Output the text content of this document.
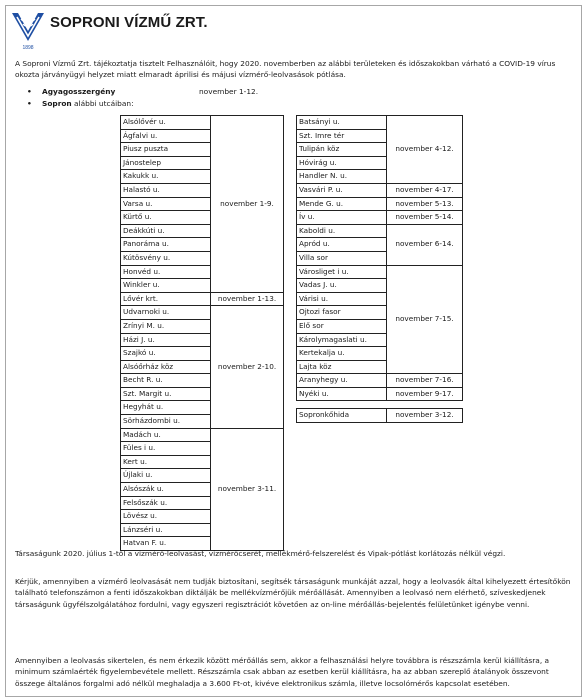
1898
SOPRONI VÍZMŰ ZRT.
A Soproni Vízmű Zrt. tájékoztatja tisztelt Felhasználóit, hogy 2020. novemberben az alábbi területeken és időszakokban várható a COVID-19 vírus okozta járványügyi helyzet miatt elmaradt áprilisi és májusi vízmérő-leolvasások pótlása.
• Agyagosszergény	november 1-12.
• Sopron alábbi utcáiban:
Alsólővér u.	november 1-9.
Ágfalvi u.	
Piusz puszta	
Jánostelep	
Kakukk u.	
Halastó u.	
Varsa u.	
Kürtő u.	
Deákkúti u.	
Panoráma u.	
Kútösvény u.	
Honvéd u.	
Winkler u.	
Lővér krt.	november 1-13.
Udvarnoki u.	november 2-10.
Zrínyi M. u.	
Házi J. u.	
Szajkó u.	
Alsóőrház köz	
Becht R. u.	
Szt. Margit u.	
Hegyhát u.	
Sörházdombi u.	
Madách u.	november 3-11.
Füles i u.	
Kert u.	
Újlaki u.	
Alsószák u.	
Felsőszák u.	
Lövész u.	
Lánzséri u.	
Hatvan F. u.	
Batsányi u.	november 4-12.
Szt. Imre tér	
Tulipán köz	
Hóvirág u.	
Handler N. u.	
Vasvári P. u.	november 4-17.
Mende G. u.	november 5-13.
Ív u.	november 5-14.
Kaboldi u.	november 6-14.
Apród u.	
Villa sor	
Városliget i u.	november 7-15.
Vadas J. u.	
Várisi u.	
Ojtozi fasor	
Elő sor	
Károlymagaslati u.	
Kertekalja u.	
Lajta köz	
Aranyhegy u.	november 7-16.
Nyéki u.	november 9-17.

Sopronkőhida	november 3-12.
Társaságunk 2020. július 1-től a vízmérő-leolvasást, vízmérőcserét, mellékmérő-felszerelést és Vipak-pótlást korlátozás nélkül végzi.
Kérjük, amennyiben a vízmérő leolvasását nem tudják biztosítani, segítsék társaságunk munkáját azzal, hogy a leolvasók által kihelyezett értesítőkön található telefonszámon a fenti időszakokban diktálják be mellékvízmérőjük mérőállását. Amennyiben a leolvasó nem elérhető, szíveskedjenek társaságunk ügyfélszolgálatához fordulni, vagy egyszeri regisztrációt követően az on-line mérőállás-bejelentés felületünket igénybe venni.
Amennyiben a leolvasás sikertelen, és nem érkezik között mérőállás sem, akkor a felhasználási helyre továbbra is részszámla kerül kiállításra, a minimum számlaérték figyelembevétele mellett. Részszámla csak abban az esetben kerül kiállításra, ha az abban szereplő átalányok összevont összege általános forgalmi adó nélkül meghaladja a 3.600 Ft-ot, kivéve elektronikus számla, illetve locsolómérős kapcsolat esetében.
